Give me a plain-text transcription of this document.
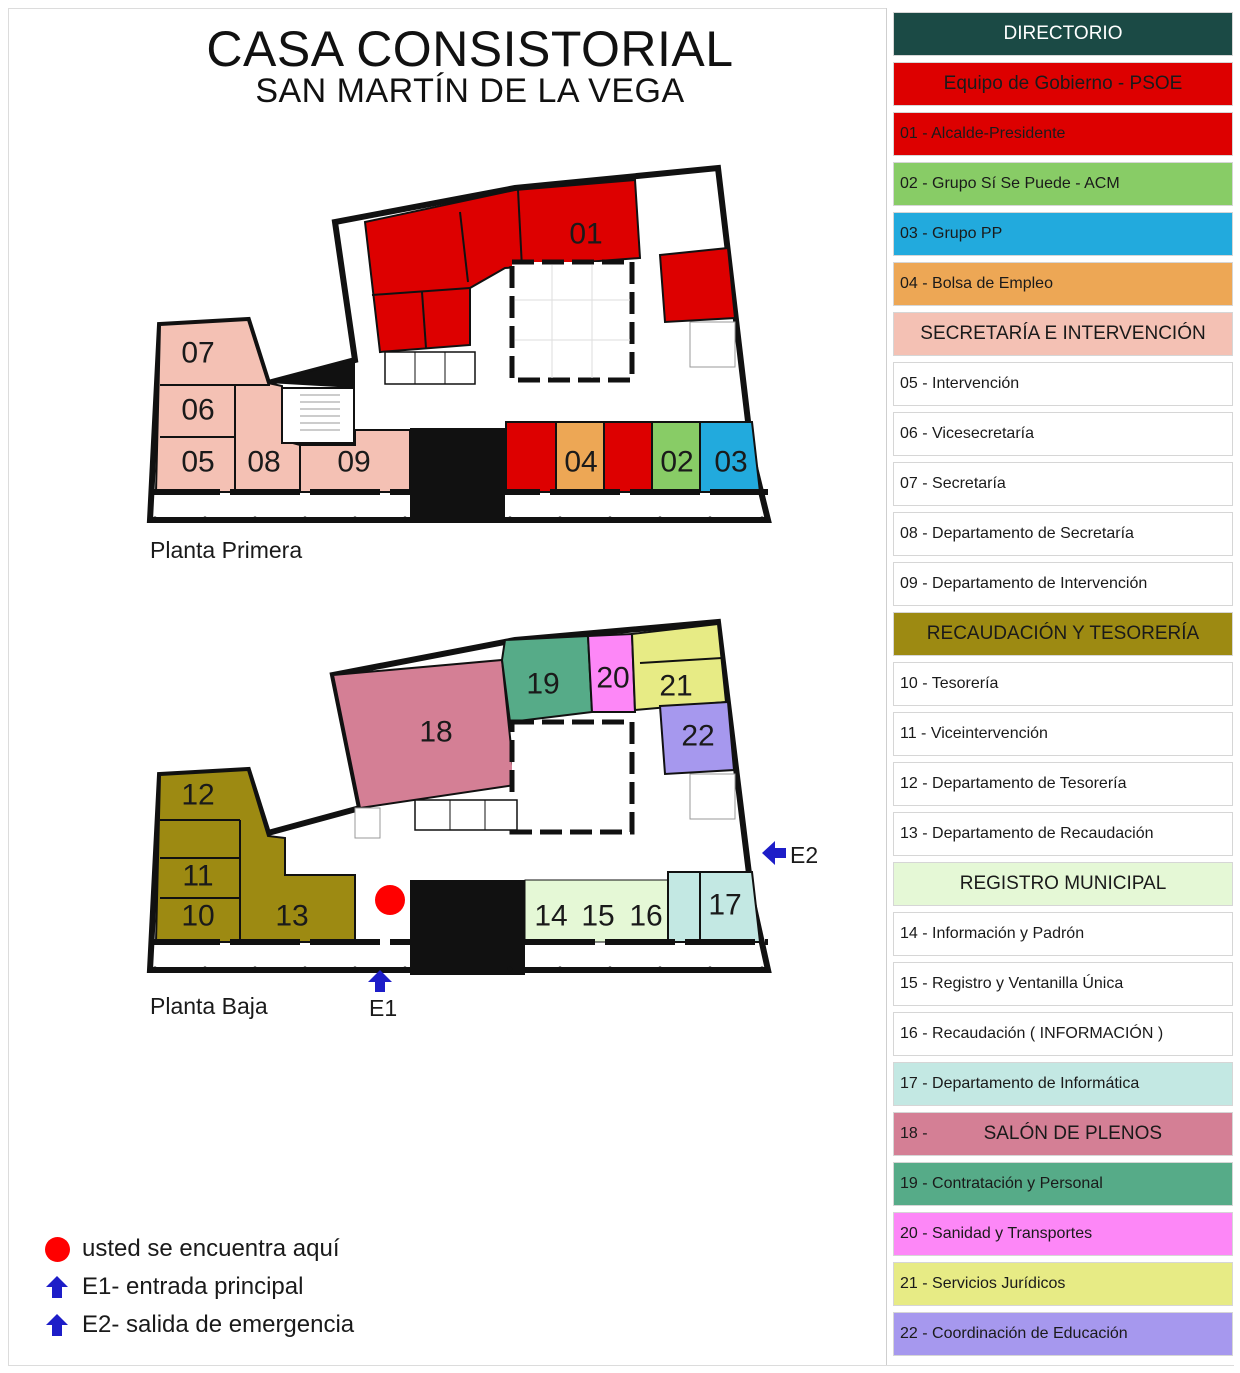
CASA CONSISTORIAL
SAN MARTÍN DE LA VEGA
01
02 03
04
05
06
07
08 09
Planta Primera
E1
E2
10
11
12
13	14 15 16 17
18
19 20 21
22
Planta Baja
usted se encuentra aquí
E1- entrada principal
E2- salida de emergencia
DIRECTORIO
Equipo de Gobierno - PSOE
01 - Alcalde-Presidente
02 - Grupo Sí Se Puede - ACM
03 - Grupo PP
04 - Bolsa de Empleo
SECRETARÍA E INTERVENCIÓN
05 - Intervención
06 - Vicesecretaría
07 - Secretaría
08 - Departamento de Secretaría
09 - Departamento de Intervención
RECAUDACIÓN Y TESORERÍA
10 - Tesorería
11 - Viceintervención
12 - Departamento de Tesorería
13 - Departamento de Recaudación
REGISTRO MUNICIPAL
14 - Información y Padrón
15 - Registro y Ventanilla Única
16 - Recaudación ( INFORMACIÓN )
17 - Departamento de Informática
18 -	SALÓN DE PLENOS
19 - Contratación y Personal
20 - Sanidad y Transportes
21 - Servicios Jurídicos
22 - Coordinación de Educación
